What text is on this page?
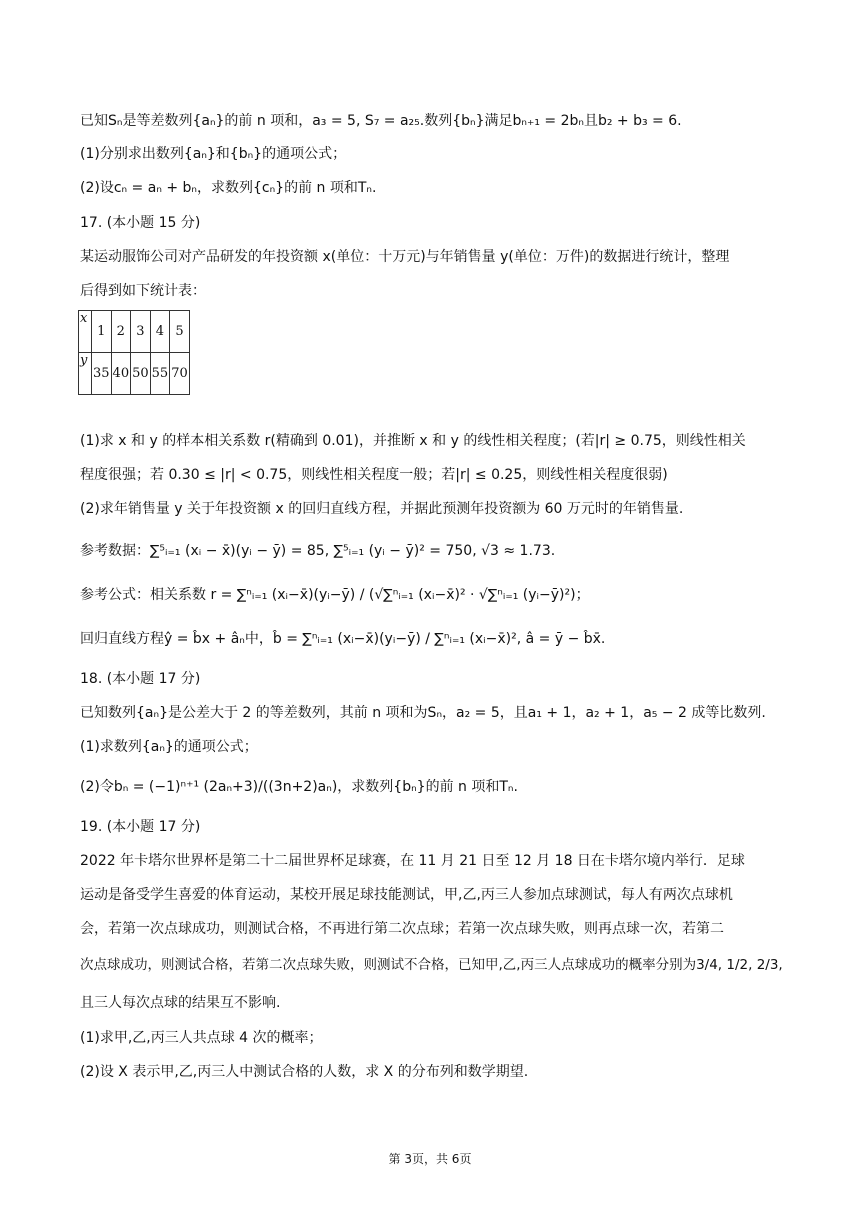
已知Sₙ是等差数列{aₙ}的前 n 项和，a₃ = 5, S₇ = a₂₅.数列{bₙ}满足bₙ₊₁ = 2bₙ且b₂ + b₃ = 6.
(1)分别求出数列{aₙ}和{bₙ}的通项公式；
(2)设cₙ = aₙ + bₙ，求数列{cₙ}的前 n 项和Tₙ.
17. (本小题 15 分)
某运动服饰公司对产品研发的年投资额 x(单位：十万元)与年销售量 y(单位：万件)的数据进行统计，整理
后得到如下统计表：
x	1	2	3	4	5
y	35	40	50	55	70
(1)求 x 和 y 的样本相关系数 r(精确到 0.01)，并推断 x 和 y 的线性相关程度；(若|r| ≥ 0.75，则线性相关
程度很强；若 0.30 ≤ |r| < 0.75，则线性相关程度一般；若|r| ≤ 0.25，则线性相关程度很弱)
(2)求年销售量 y 关于年投资额 x 的回归直线方程，并据此预测年投资额为 60 万元时的年销售量.
参考数据：∑⁵ᵢ₌₁ (xᵢ − x̄)(yᵢ − ȳ) = 85, ∑⁵ᵢ₌₁ (yᵢ − ȳ)² = 750, √3 ≈ 1.73.
参考公式：相关系数 r = ∑ⁿᵢ₌₁ (xᵢ−x̄)(yᵢ−ȳ) / (√∑ⁿᵢ₌₁ (xᵢ−x̄)² · √∑ⁿᵢ₌₁ (yᵢ−ȳ)²)；
回归直线方程ŷ = b̂x + âₙ中，b̂ = ∑ⁿᵢ₌₁ (xᵢ−x̄)(yᵢ−ȳ) / ∑ⁿᵢ₌₁ (xᵢ−x̄)², â = ȳ − b̂x̄.
18. (本小题 17 分)
已知数列{aₙ}是公差大于 2 的等差数列，其前 n 项和为Sₙ，a₂ = 5，且a₁ + 1，a₂ + 1，a₅ − 2 成等比数列.
(1)求数列{aₙ}的通项公式；
(2)令bₙ = (−1)ⁿ⁺¹ (2aₙ+3)/((3n+2)aₙ)，求数列{bₙ}的前 n 项和Tₙ.
19. (本小题 17 分)
2022 年卡塔尔世界杯是第二十二届世界杯足球赛，在 11 月 21 日至 12 月 18 日在卡塔尔境内举行．足球
运动是备受学生喜爱的体育运动，某校开展足球技能测试，甲,乙,丙三人参加点球测试，每人有两次点球机
会，若第一次点球成功，则测试合格，不再进行第二次点球；若第一次点球失败，则再点球一次，若第二
次点球成功，则测试合格，若第二次点球失败，则测试不合格，已知甲,乙,丙三人点球成功的概率分别为3/4, 1/2, 2/3,
且三人每次点球的结果互不影响.
(1)求甲,乙,丙三人共点球 4 次的概率；
(2)设 X 表示甲,乙,丙三人中测试合格的人数，求 X 的分布列和数学期望.
第 3页，共 6页
